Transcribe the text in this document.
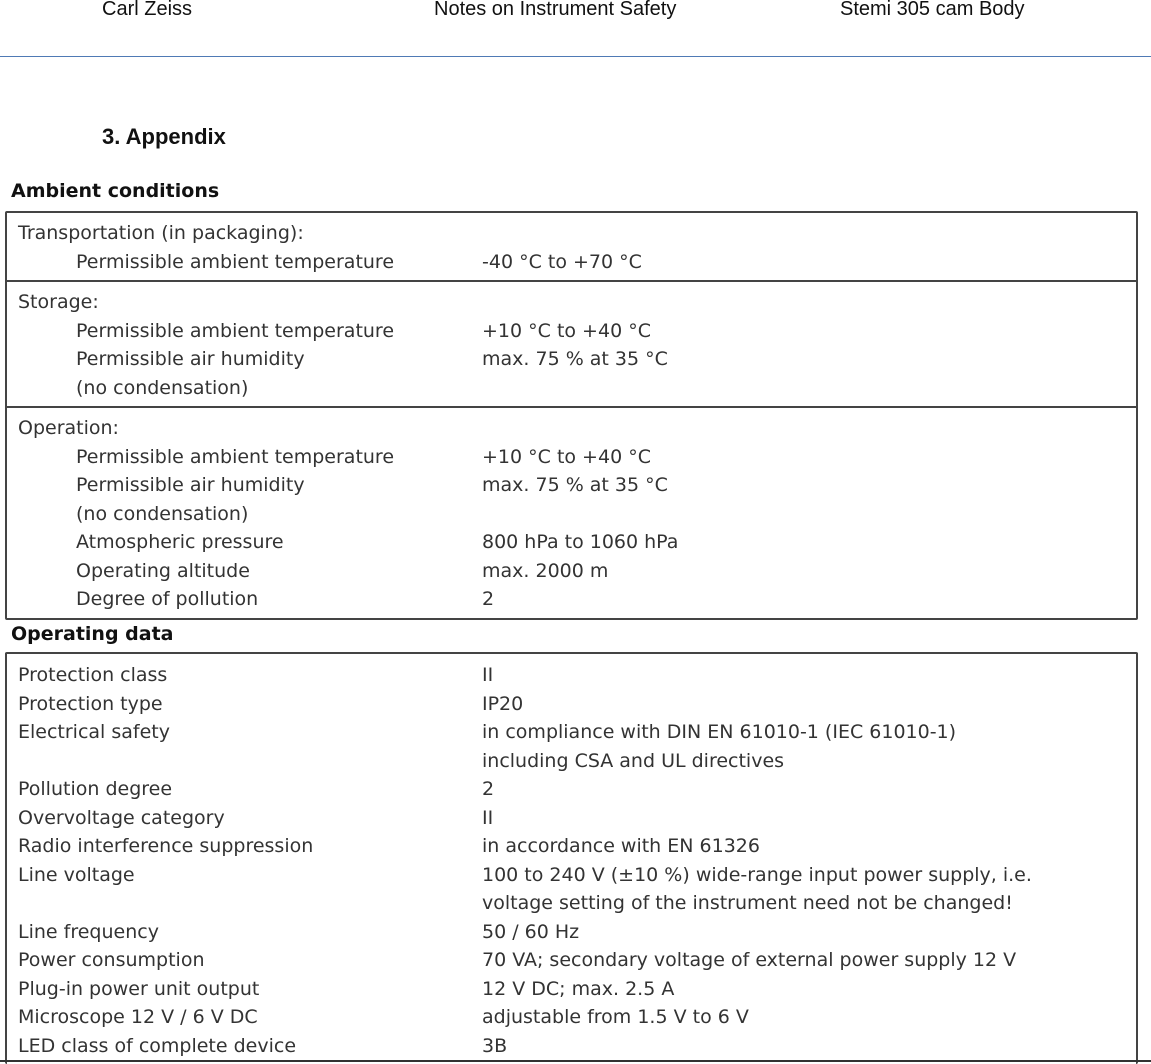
Carl Zeiss	Notes on Instrument Safety	Stemi 305 cam Body
3. Appendix
Ambient conditions
Transportation (in packaging):
Permissible ambient temperature	-40 °C to +70 °C
Storage:
Permissible ambient temperature	+10 °C to +40 °C
Permissible air humidity	max. 75 % at 35 °C
(no condensation)
Operation:
Permissible ambient temperature	+10 °C to +40 °C
Permissible air humidity	max. 75 % at 35 °C
(no condensation)
Atmospheric pressure	800 hPa to 1060 hPa
Operating altitude	max. 2000 m
Degree of pollution	2
Operating data
Protection class	II
Protection type	IP20
Electrical safety	in compliance with DIN EN 61010-1 (IEC 61010-1)
including CSA and UL directives
Pollution degree	2
Overvoltage category	II
Radio interference suppression	in accordance with EN 61326
Line voltage	100 to 240 V (±10 %) wide-range input power supply, i.e.
voltage setting of the instrument need not be changed!
Line frequency	50 / 60 Hz
Power consumption	70 VA; secondary voltage of external power supply 12 V
Plug-in power unit output	12 V DC; max. 2.5 A
Microscope 12 V / 6 V DC	adjustable from 1.5 V to 6 V
LED class of complete device	3B
